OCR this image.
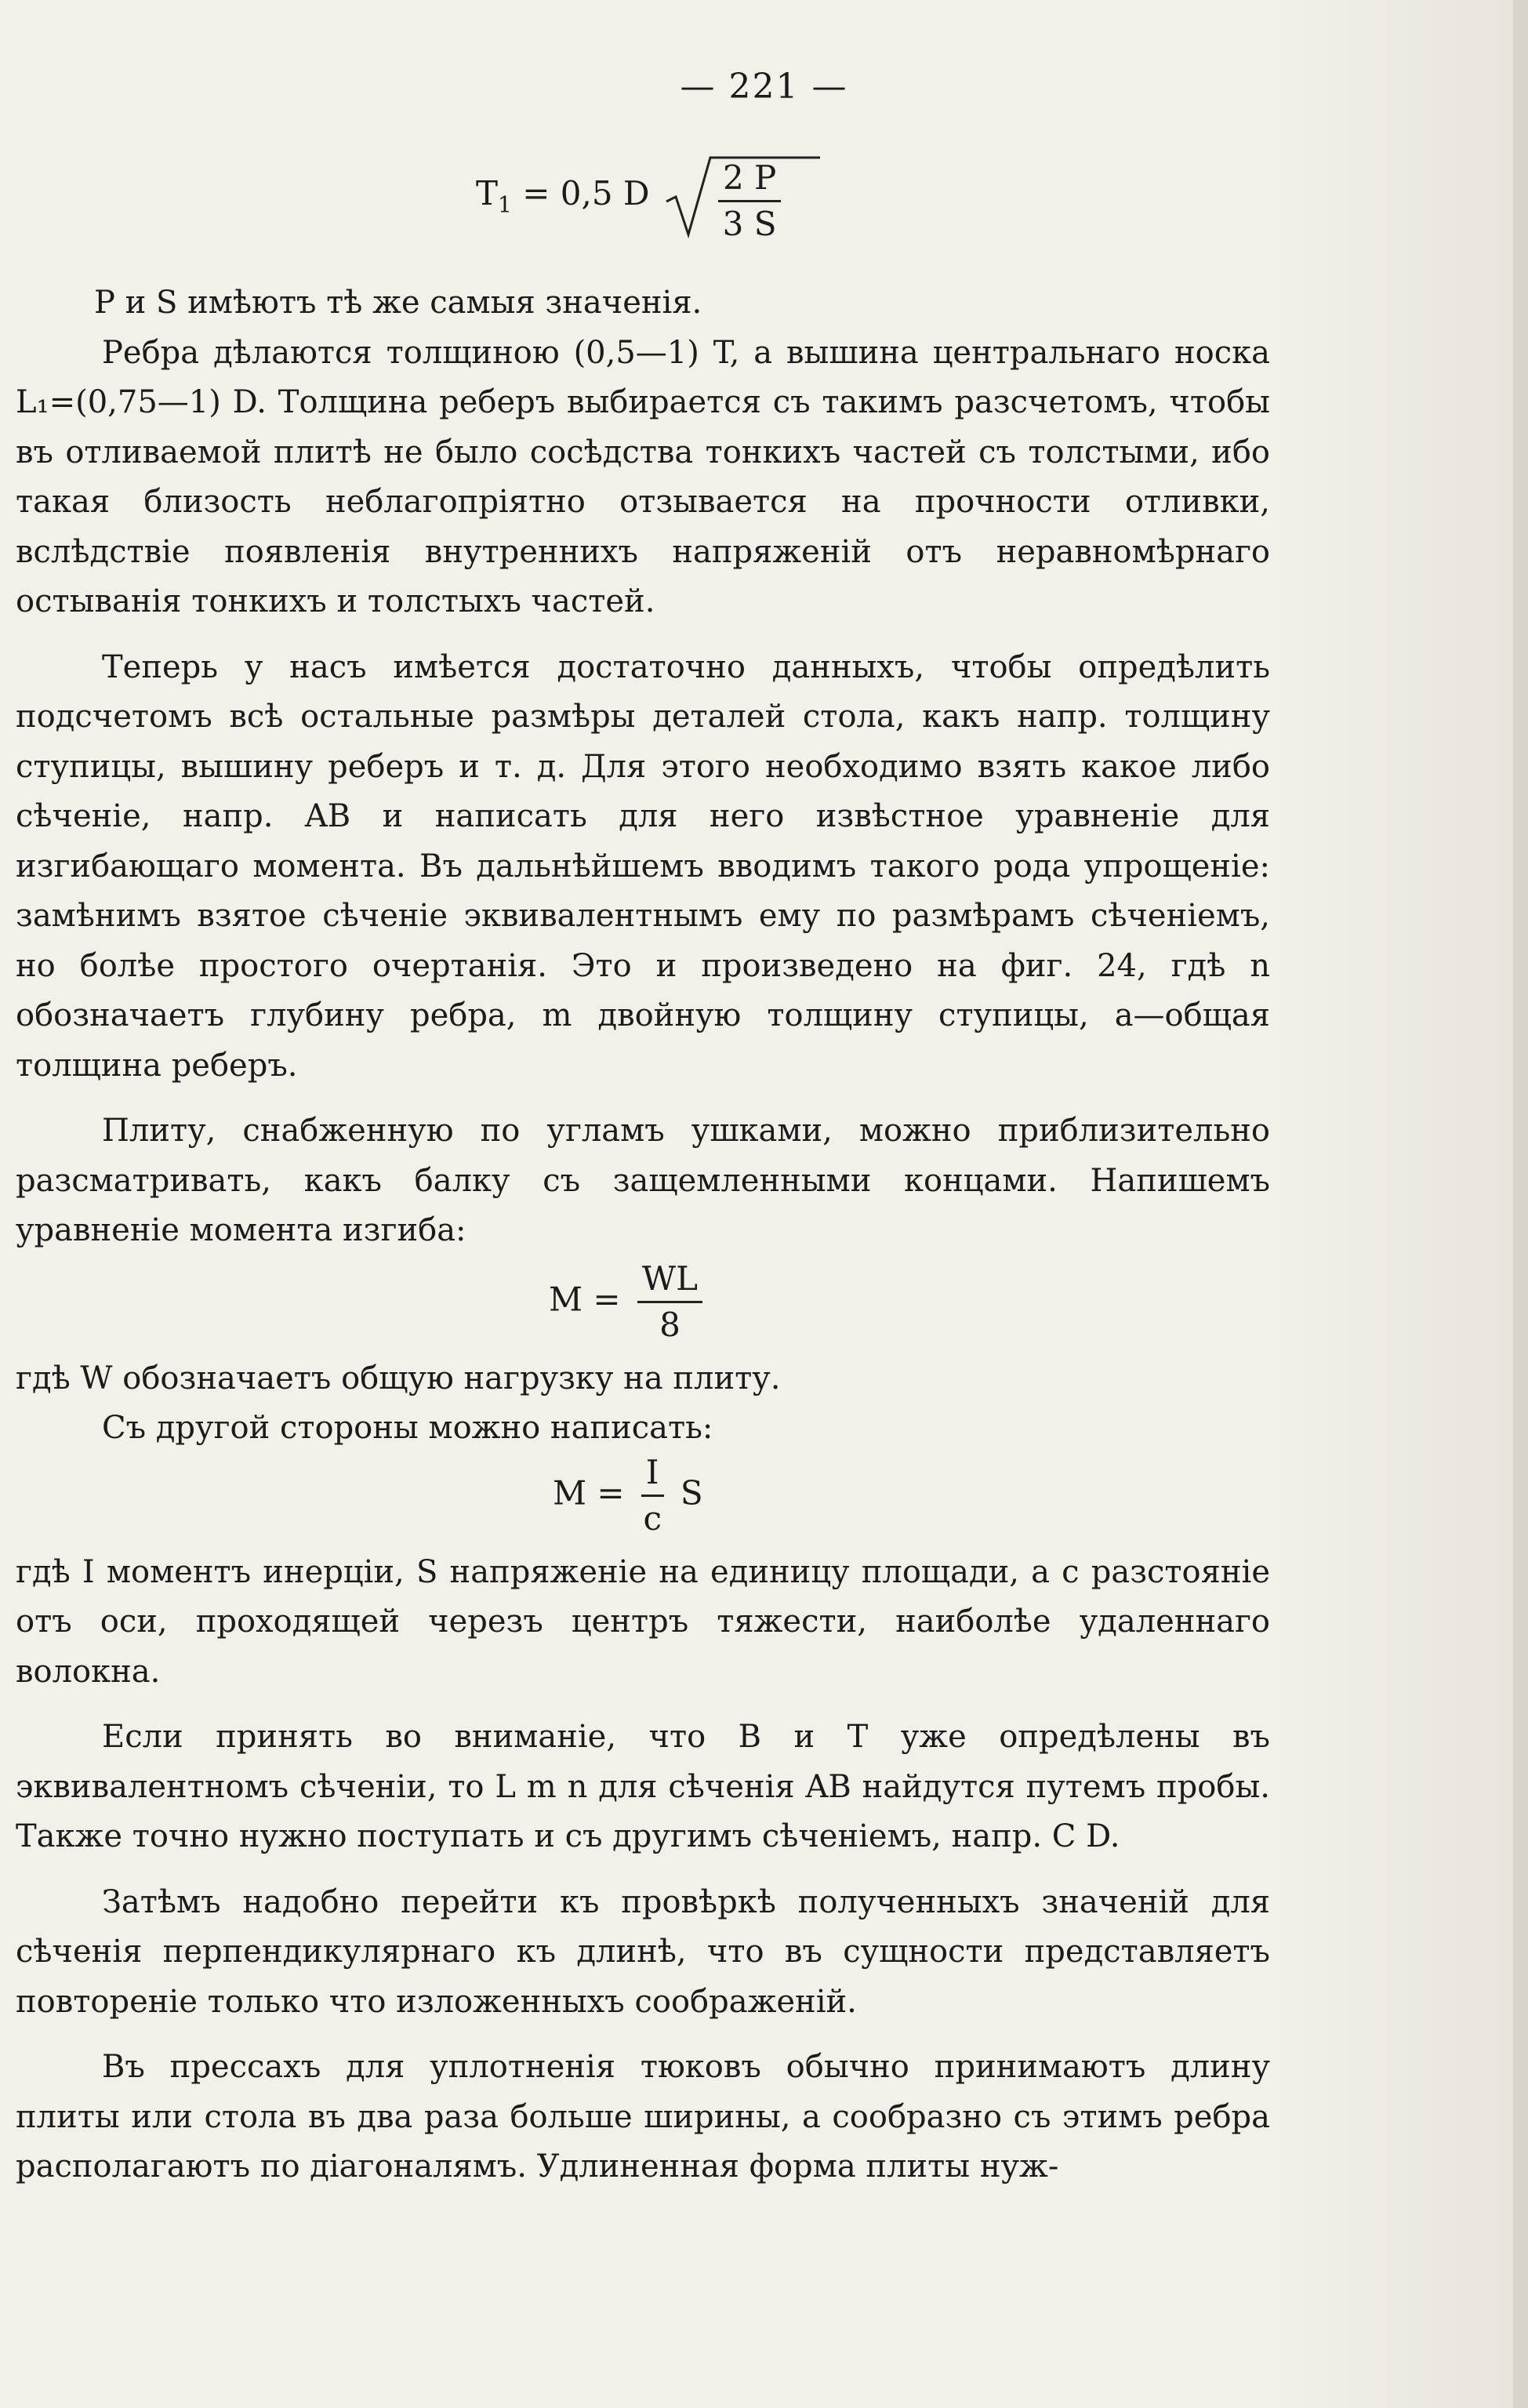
— 221 —
$T_1 = 0,5$ D $\frac{2 P}{3 S}$

P и S имѣютъ тѣ же самыя значенія.

Ребра дѣлаются толщиною (0,5—1) T, а вышина центральнаго носка L₁=(0,75—1) D. Толщина реберъ выбирается съ такимъ разсчетомъ, чтобы въ отливаемой плитѣ не было сосѣдства тонкихъ частей съ толстыми, ибо такая близость неблагопріятно отзывается на прочности отливки, вслѣдствіе появленія внутреннихъ напряженій отъ неравномѣрнаго остыванія тонкихъ и толстыхъ частей.

Теперь у насъ имѣется достаточно данныхъ, чтобы опредѣлить подсчетомъ всѣ остальные размѣры деталей стола, какъ напр. толщину ступицы, вышину реберъ и т. д. Для этого необходимо взять какое либо сѣченіе, напр. AB и написать для него извѣстное уравненіе для изгибающаго момента. Въ дальнѣйшемъ вводимъ такого рода упрощеніе: замѣнимъ взятое сѣченіе эквивалентнымъ ему по размѣрамъ сѣченіемъ, но болѣе простого очертанія. Это и произведено на фиг. 24, гдѣ n обозначаетъ глубину ребра, m двойную толщину ступицы, a—общая толщина реберъ.

Плиту, снабженную по угламъ ушками, можно приблизительно разсматривать, какъ балку съ защемленными концами. Напишемъ уравненіе момента изгиба:

$M = \frac{WL}{8}$

гдѣ W обозначаетъ общую нагрузку на плиту.

Съ другой стороны можно написать:

$M = \frac{I}{c}$ S

гдѣ I моментъ инерціи, S напряженіе на единицу площади, а c разстояніе отъ оси, проходящей черезъ центръ тяжести, наиболѣе удаленнаго волокна.

Если принять во вниманіе, что B и T уже опредѣлены въ эквивалентномъ сѣченіи, то L m n для сѣченія AB найдутся путемъ пробы. Также точно нужно поступать и съ другимъ сѣченіемъ, напр. C D.

Затѣмъ надобно перейти къ провѣркѣ полученныхъ значеній для сѣченія перпендикулярнаго къ длинѣ, что въ сущности представляетъ повтореніе только что изложенныхъ соображеній.

Въ прессахъ для уплотненія тюковъ обычно принимаютъ длину плиты или стола въ два раза больше ширины, а сообразно съ этимъ ребра располагаютъ по діагоналямъ. Удлиненная форма плиты нуж-
